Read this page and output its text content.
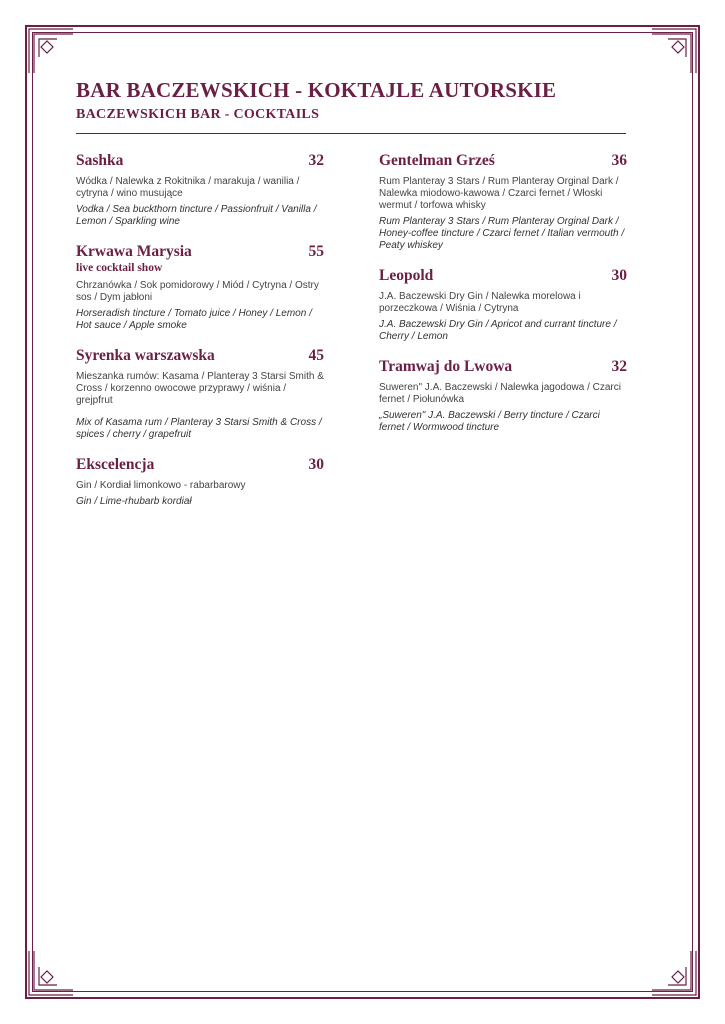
BAR BACZEWSKICH - KOKTAJLE AUTORSKIE
BACZEWSKICH BAR - COCKTAILS
Sashka	32
Wódka / Nalewka z Rokitnika / marakuja / wanilia / cytryna / wino musujące
Vodka / Sea buckthorn tincture / Passionfruit / Vanilla / Lemon / Sparkling wine
Krwawa Marysia	55
live cocktail show
Chrzanówka / Sok pomidorowy / Miód / Cytryna / Ostry sos / Dym jabłoni
Horseradish tincture / Tomato juice / Honey / Lemon / Hot sauce / Apple smoke
Syrenka warszawska	45
Mieszanka rumów: Kasama / Planteray 3 Starsi Smith & Cross / korzenno owocowe przyprawy / wiśnia / grejpfrut
Mix of Kasama rum / Planteray 3 Starsi Smith & Cross / spices / cherry / grapefruit
Ekscelencja	30
Gin / Kordiał limonkowo - rabarbarowy
Gin / Lime-rhubarb kordiał
Gentelman Grześ	36
Rum Planteray 3 Stars / Rum Planteray Orginal Dark / Nalewka miodowo-kawowa / Czarci fernet / Włoski wermut / torfowa whisky
Rum Planteray 3 Stars / Rum Planteray Orginal Dark / Honey-coffee tincture / Czarci fernet / Italian vermouth / Peaty whiskey
Leopold	30
J.A. Baczewski Dry Gin / Nalewka morelowa i porzeczkowa / Wiśnia / Cytryna
J.A. Baczewski Dry Gin / Apricot and currant tincture / Cherry / Lemon
Tramwaj do Lwowa	32
Suweren" J.A. Baczewski / Nalewka jagodowa / Czarci fernet / Piołunówka
„Suweren" J.A. Baczewski / Berry tincture / Czarci fernet / Wormwood tincture
